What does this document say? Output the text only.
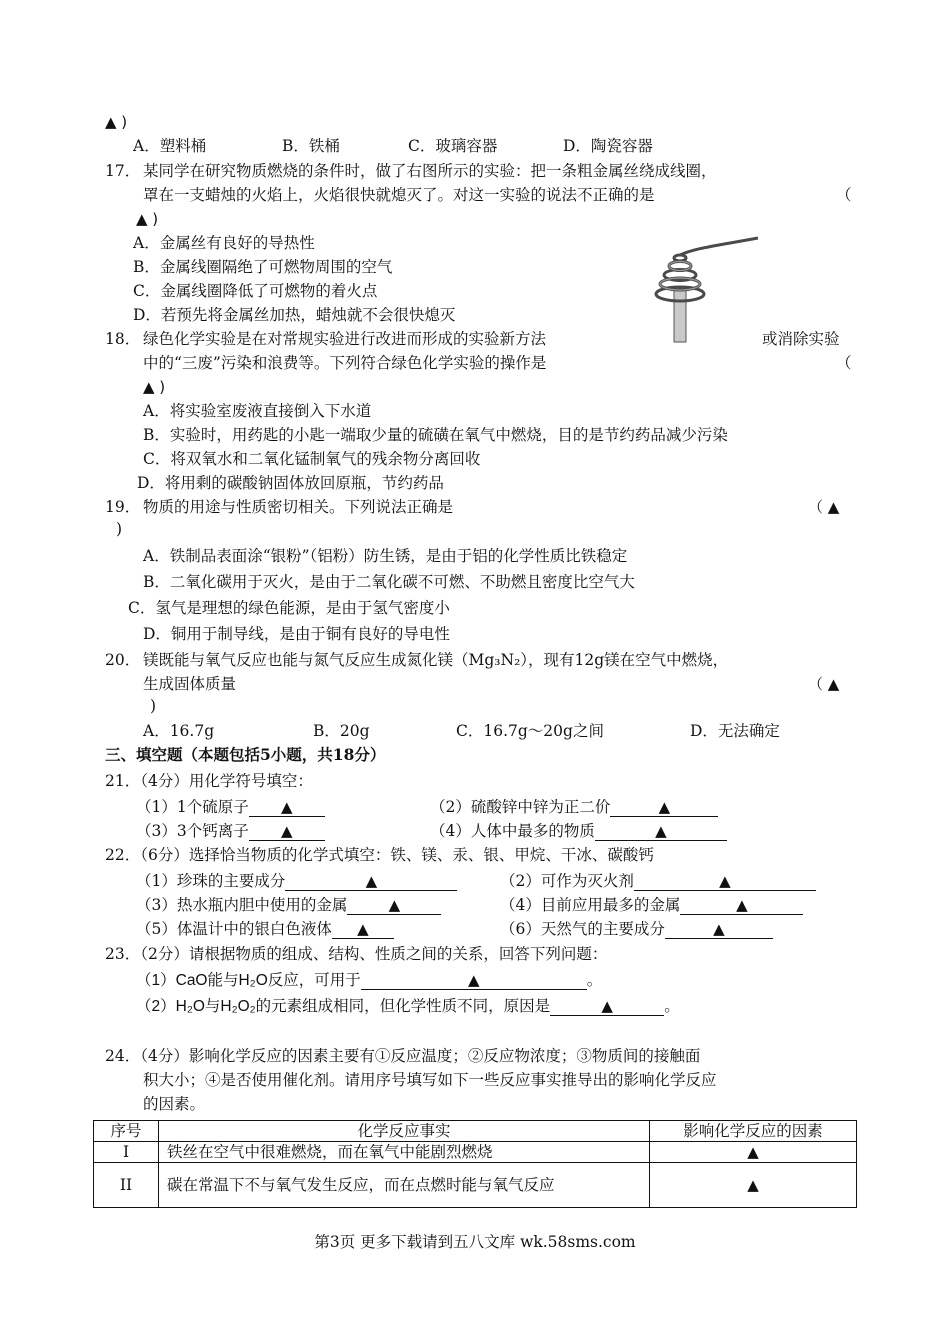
▲ )
A．塑料桶	B．铁桶	C．玻璃容器	D．陶瓷容器
17． 某同学在研究物质燃烧的条件时，做了右图所示的实验：把一条粗金属丝绕成线圈，
罩在一支蜡烛的火焰上，火焰很快就熄灭了。对这一实验的说法不正确的是	（
▲ )
A．金属丝有良好的导热性
B．金属线圈隔绝了可燃物周围的空气
C．金属线圈降低了可燃物的着火点
D．若预先将金属丝加热，蜡烛就不会很快熄灭
18． 绿色化学实验是在对常规实验进行改进而形成的实验新方法	或消除实验
中的“三废”污染和浪费等。下列符合绿色化学实验的操作是	（
▲ )
A．将实验室废液直接倒入下水道
B．实验时，用药匙的小匙一端取少量的硫磺在氧气中燃烧，目的是节约药品减少污染
C．将双氧水和二氧化锰制氧气的残余物分离回收
D．将用剩的碳酸钠固体放回原瓶，节约药品
19． 物质的用途与性质密切相关。下列说法正确是	（ ▲
)
A．铁制品表面涂“银粉”（铝粉）防生锈，是由于铝的化学性质比铁稳定
B．二氧化碳用于灭火，是由于二氧化碳不可燃、不助燃且密度比空气大
C．氢气是理想的绿色能源，是由于氢气密度小
D．铜用于制导线，是由于铜有良好的导电性
20． 镁既能与氧气反应也能与氮气反应生成氮化镁（Mg₃N₂），现有12g镁在空气中燃烧，
生成固体质量	（ ▲
)
A．16.7g	B．20g	C．16.7g～20g之间	D．无法确定
三、填空题（本题包括5小题，共18分）
21．（4分）用化学符号填空：
（1）1个硫原子 ▲	（2）硫酸锌中锌为正二价	▲
（3）3个钙离子 ▲	（4）人体中最多的物质	▲
22．（6分）选择恰当物质的化学式填空：铁、镁、汞、银、甲烷、干冰、碳酸钙
（1）珍珠的主要成分	▲	（2）可作为灭火剂	▲
（3）热水瓶内胆中使用的金属	▲	（4）目前应用最多的金属	▲
（5）体温计中的银白色液体 ▲	（6）天然气的主要成分	▲
23．（2分）请根据物质的组成、结构、性质之间的关系，回答下列问题：
（1）CaO能与H₂O反应，可用于	▲	。
（2）H₂O与H₂O₂的元素组成相同，但化学性质不同，原因是	▲	。
24．（4分）影响化学反应的因素主要有①反应温度；②反应物浓度；③物质间的接触面
积大小；④是否使用催化剂。请用序号填写如下一些反应事实推导出的影响化学反应
的因素。
序号	化学反应事实	影响化学反应的因素
I	铁丝在空气中很难燃烧，而在氧气中能剧烈燃烧	▲
II	碳在常温下不与氧气发生反应，而在点燃时能与氧气反应	▲
第3页 更多下载请到五八文库 wk.58sms.com
